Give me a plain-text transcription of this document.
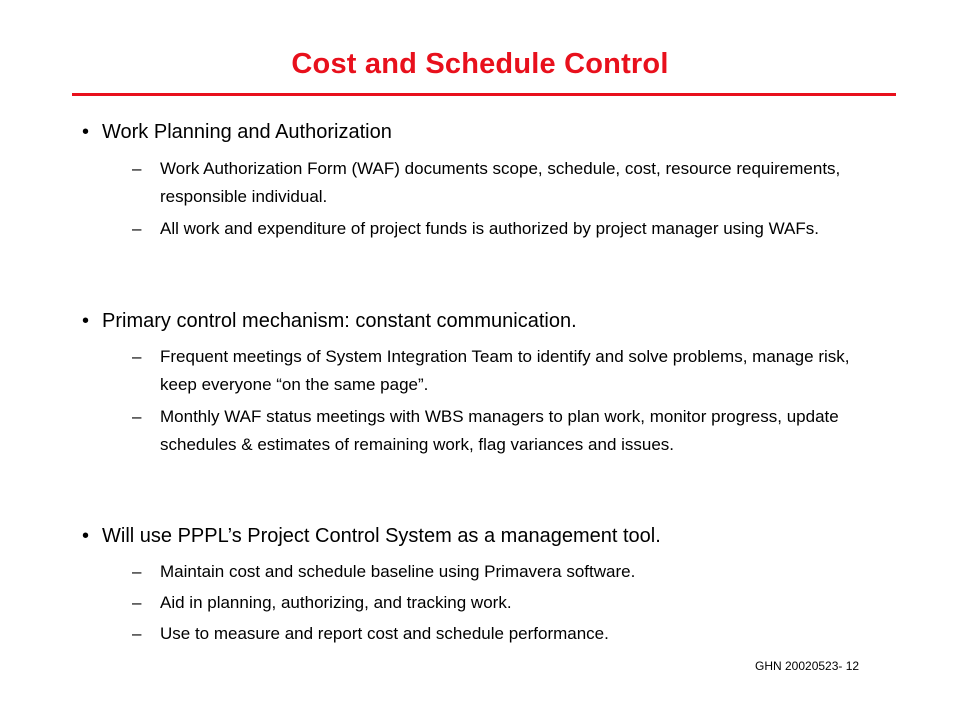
Cost and Schedule Control
• Work Planning and Authorization
– Work Authorization Form (WAF) documents scope, schedule, cost, resource requirements, responsible individual.
– All work and expenditure of project funds is authorized by project manager using WAFs.
• Primary control mechanism: constant communication.
– Frequent meetings of System Integration Team to identify and solve problems, manage risk, keep everyone “on the same page”.
– Monthly WAF status meetings with WBS managers to plan work, monitor progress, update schedules & estimates of remaining work, flag variances and issues.
• Will use PPPL’s Project Control System as a management tool.
– Maintain cost and schedule baseline using Primavera software.
– Aid in planning, authorizing, and tracking work.
– Use to measure and report cost and schedule performance.
GHN 20020523- 12
